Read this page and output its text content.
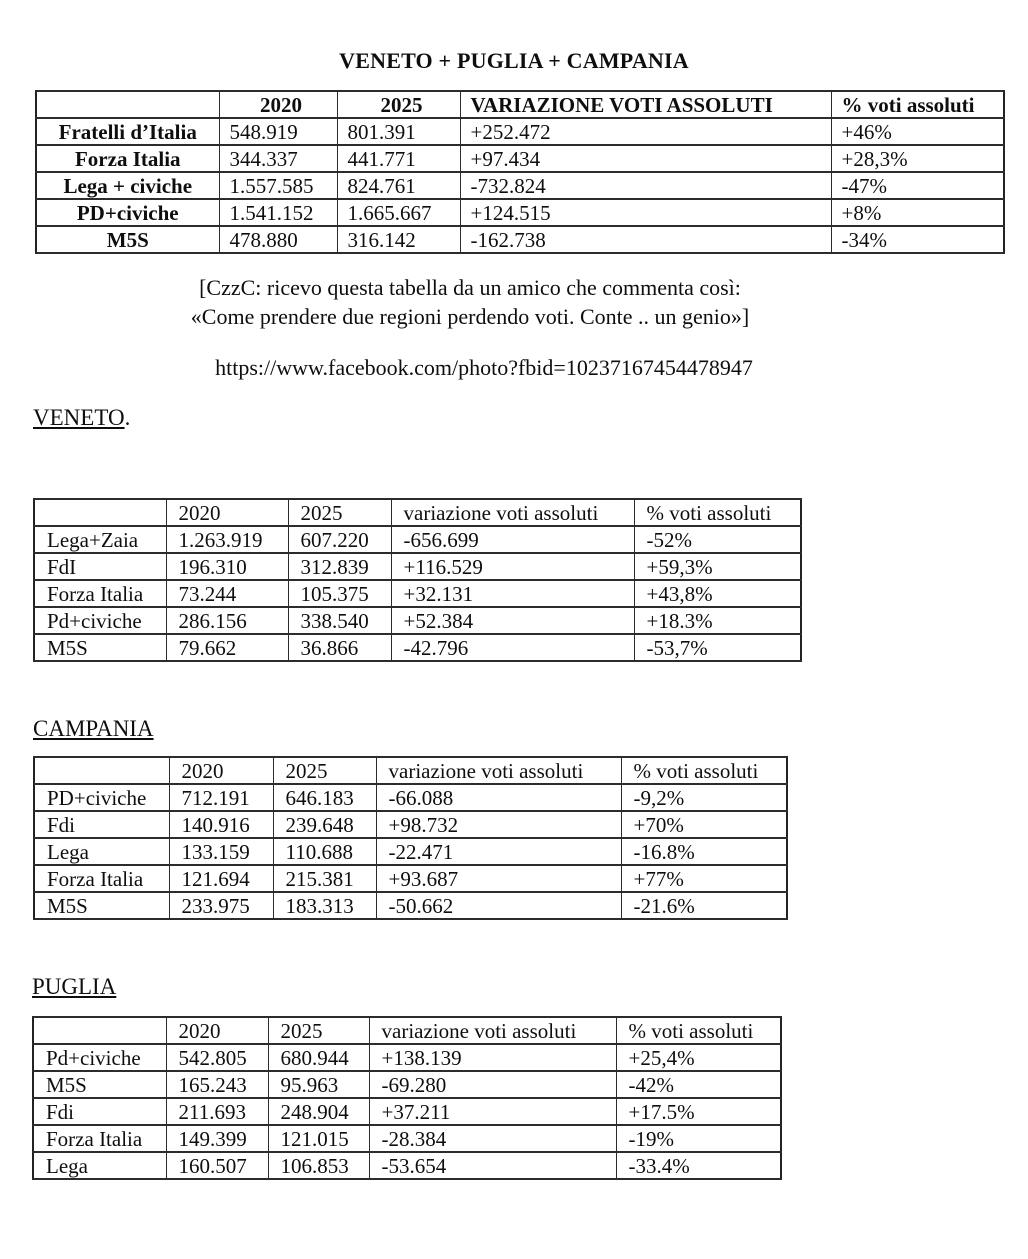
VENETO + PUGLIA + CAMPANIA
	2020	2025	VARIAZIONE VOTI ASSOLUTI	% voti assoluti
Fratelli d’Italia	548.919	801.391	+252.472	+46%
Forza Italia	344.337	441.771	+97.434	+28,3%
Lega + civiche	1.557.585	824.761	-732.824	-47%
PD+civiche	1.541.152	1.665.667	+124.515	+8%
M5S	478.880	316.142	-162.738	-34%
[CzzC: ricevo questa tabella da un amico che commenta così:
«Come prendere due regioni perdendo voti. Conte .. un genio»]
https://www.facebook.com/photo?fbid=10237167454478947
VENETO.
	2020	2025	variazione voti assoluti	% voti assoluti
Lega+Zaia	1.263.919	607.220	-656.699	-52%
FdI	196.310	312.839	+116.529	+59,3%
Forza Italia	73.244	105.375	+32.131	+43,8%
Pd+civiche	286.156	338.540	+52.384	+18.3%
M5S	79.662	36.866	-42.796	-53,7%
CAMPANIA
	2020	2025	variazione voti assoluti	% voti assoluti
PD+civiche	712.191	646.183	-66.088	-9,2%
Fdi	140.916	239.648	+98.732	+70%
Lega	133.159	110.688	-22.471	-16.8%
Forza Italia	121.694	215.381	+93.687	+77%
M5S	233.975	183.313	-50.662	-21.6%
PUGLIA
	2020	2025	variazione voti assoluti	% voti assoluti
Pd+civiche	542.805	680.944	+138.139	+25,4%
M5S	165.243	95.963	-69.280	-42%
Fdi	211.693	248.904	+37.211	+17.5%
Forza Italia	149.399	121.015	-28.384	-19%
Lega	160.507	106.853	-53.654	-33.4%
